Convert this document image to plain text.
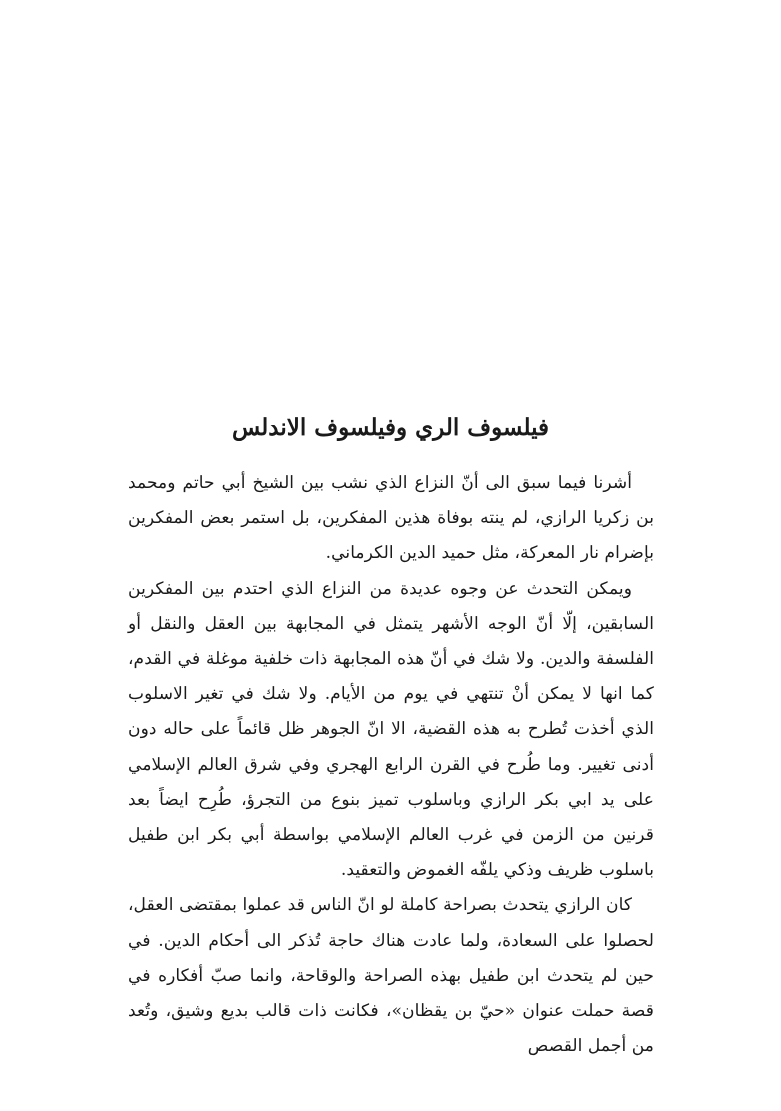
فيلسوف الري وفيلسوف الاندلس

أشرنا فيما سبق الى أنّ النزاع الذي نشب بين الشيخ أبي حاتم ومحمد بن زكريا الرازي، لم ينته بوفاة هذين المفكرين، بل استمر بعض المفكرين بإضرام نار المعركة، مثل حميد الدين الكرماني.

ويمكن التحدث عن وجوه عديدة من النزاع الذي احتدم بين المفكرين السابقين، إلّا أنّ الوجه الأشهر يتمثل في المجابهة بين العقل والنقل أو الفلسفة والدين. ولا شك في أنّ هذه المجابهة ذات خلفية موغلة في القدم، كما انها لا يمكن أنْ تنتهي في يوم من الأيام. ولا شك في تغير الاسلوب الذي أخذت تُطرح به هذه القضية، الا انّ الجوهر ظل قائماً على حاله دون أدنى تغيير. وما طُرح في القرن الرابع الهجري وفي شرق العالم الإسلامي على يد ابي بكر الرازي وباسلوب تميز بنوع من التجرؤ، طُرِح ايضاً بعد قرنين من الزمن في غرب العالم الإسلامي بواسطة أبي بكر ابن طفيل باسلوب ظريف وذكي يلفّه الغموض والتعقيد.

كان الرازي يتحدث بصراحة كاملة لو انّ الناس قد عملوا بمقتضى العقل، لحصلوا على السعادة، ولما عادت هناك حاجة تُذكر الى أحكام الدين. في حين لم يتحدث ابن طفيل بهذه الصراحة والوقاحة، وانما صبّ أفكاره في قصة حملت عنوان «حيّ بن يقظان»، فكانت ذات قالب بديع وشيق، وتُعد من أجمل القصص
